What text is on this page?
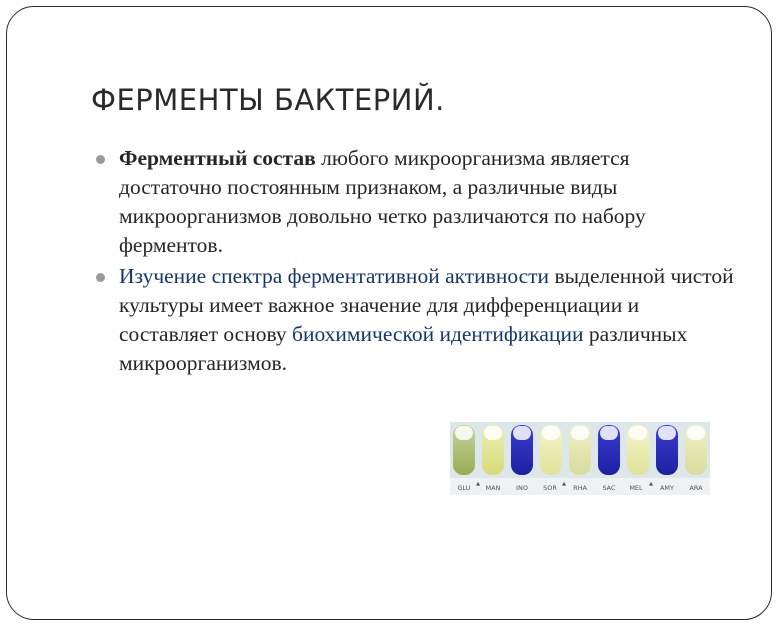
ФЕРМЕНТЫ БАКТЕРИЙ.
Ферментный состав любого микроорганизма является достаточно постоянным признаком, а различные виды микроорганизмов довольно четко различаются по набору ферментов.
Изучение спектра ферментативной активности выделенной чистой культуры имеет важное значение для дифференциации и составляет основу биохимической идентификации различных микроорганизмов.
GLU ▲ MAN INO SOR ▲ RHA SAC MEL ▲ AMY ARA
